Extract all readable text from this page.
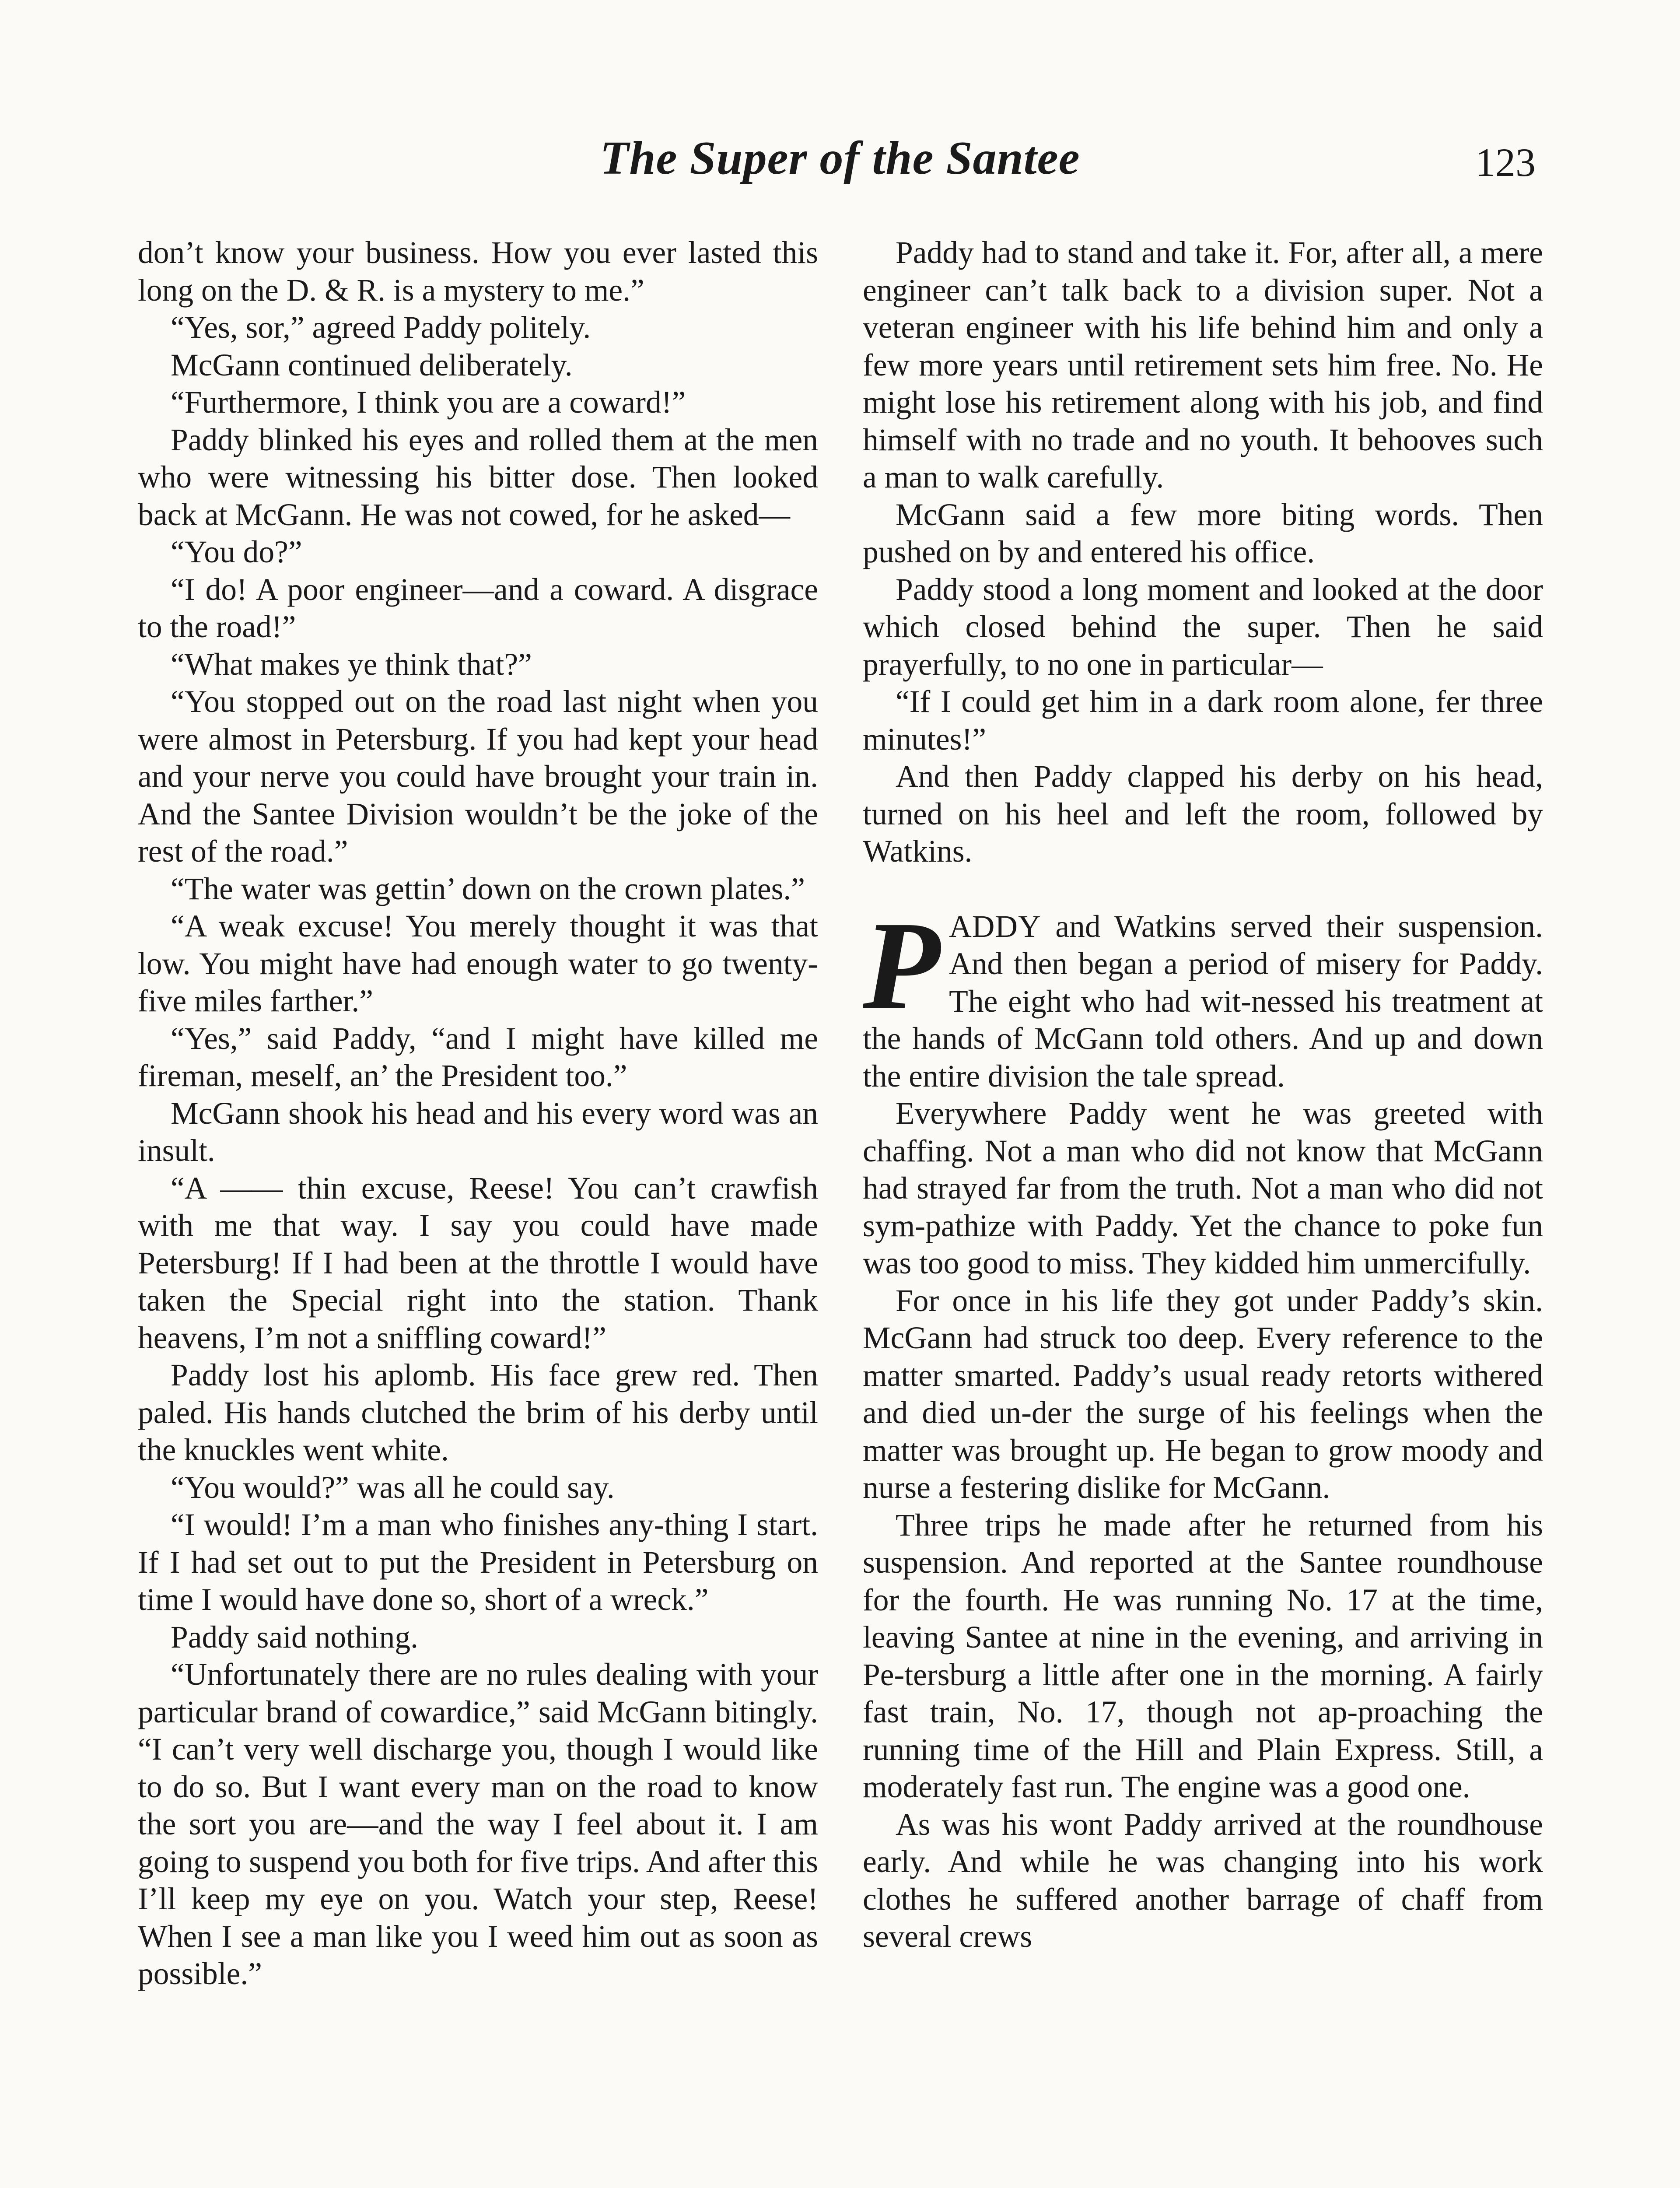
The Super of the Santee	123

don’t know your business. How you ever lasted this long on the D. & R. is a mystery to me.”

“Yes, sor,” agreed Paddy politely.

McGann continued deliberately.

“Furthermore, I think you are a coward!”

Paddy blinked his eyes and rolled them at the men who were witnessing his bitter dose. Then looked back at McGann. He was not cowed, for he asked—

“You do?”

“I do! A poor engineer—and a coward. A disgrace to the road!”

“What makes ye think that?”

“You stopped out on the road last night when you were almost in Petersburg. If you had kept your head and your nerve you could have brought your train in. And the Santee Division wouldn’t be the joke of the rest of the road.”

“The water was gettin’ down on the crown plates.”

“A weak excuse! You merely thought it was that low. You might have had enough water to go twenty-five miles farther.”

“Yes,” said Paddy, “and I might have killed me fireman, meself, an’ the President too.”

McGann shook his head and his every word was an insult.

“A —— thin excuse, Reese! You can’t crawfish with me that way. I say you could have made Petersburg! If I had been at the throttle I would have taken the Special right into the station. Thank heavens, I’m not a sniffling coward!”

Paddy lost his aplomb. His face grew red. Then paled. His hands clutched the brim of his derby until the knuckles went white.

“You would?” was all he could say.

“I would! I’m a man who finishes any-thing I start. If I had set out to put the President in Petersburg on time I would have done so, short of a wreck.”

Paddy said nothing.

“Unfortunately there are no rules dealing with your particular brand of cowardice,” said McGann bitingly. “I can’t very well discharge you, though I would like to do so. But I want every man on the road to know the sort you are—and the way I feel about it. I am going to suspend you both for five trips. And after this I’ll keep my eye on you. Watch your step, Reese! When I see a man like you I weed him out as soon as possible.”

Paddy had to stand and take it. For, after all, a mere engineer can’t talk back to a division super. Not a veteran engineer with his life behind him and only a few more years until retirement sets him free. No. He might lose his retirement along with his job, and find himself with no trade and no youth. It behooves such a man to walk carefully.

McGann said a few more biting words. Then pushed on by and entered his office.

Paddy stood a long moment and looked at the door which closed behind the super. Then he said prayerfully, to no one in particular—

“If I could get him in a dark room alone, fer three minutes!”

And then Paddy clapped his derby on his head, turned on his heel and left the room, followed by Watkins.

PADDY and Watkins served their suspension. And then began a period of misery for Paddy. The eight who had wit-nessed his treatment at the hands of McGann told others. And up and down the entire division the tale spread.

Everywhere Paddy went he was greeted with chaffing. Not a man who did not know that McGann had strayed far from the truth. Not a man who did not sym-pathize with Paddy. Yet the chance to poke fun was too good to miss. They kidded him unmercifully.

For once in his life they got under Paddy’s skin. McGann had struck too deep. Every reference to the matter smarted. Paddy’s usual ready retorts withered and died un-der the surge of his feelings when the matter was brought up. He began to grow moody and nurse a festering dislike for McGann.

Three trips he made after he returned from his suspension. And reported at the Santee roundhouse for the fourth. He was running No. 17 at the time, leaving Santee at nine in the evening, and arriving in Pe-tersburg a little after one in the morning. A fairly fast train, No. 17, though not ap-proaching the running time of the Hill and Plain Express. Still, a moderately fast run. The engine was a good one.

As was his wont Paddy arrived at the roundhouse early. And while he was changing into his work clothes he suffered another barrage of chaff from several crews
